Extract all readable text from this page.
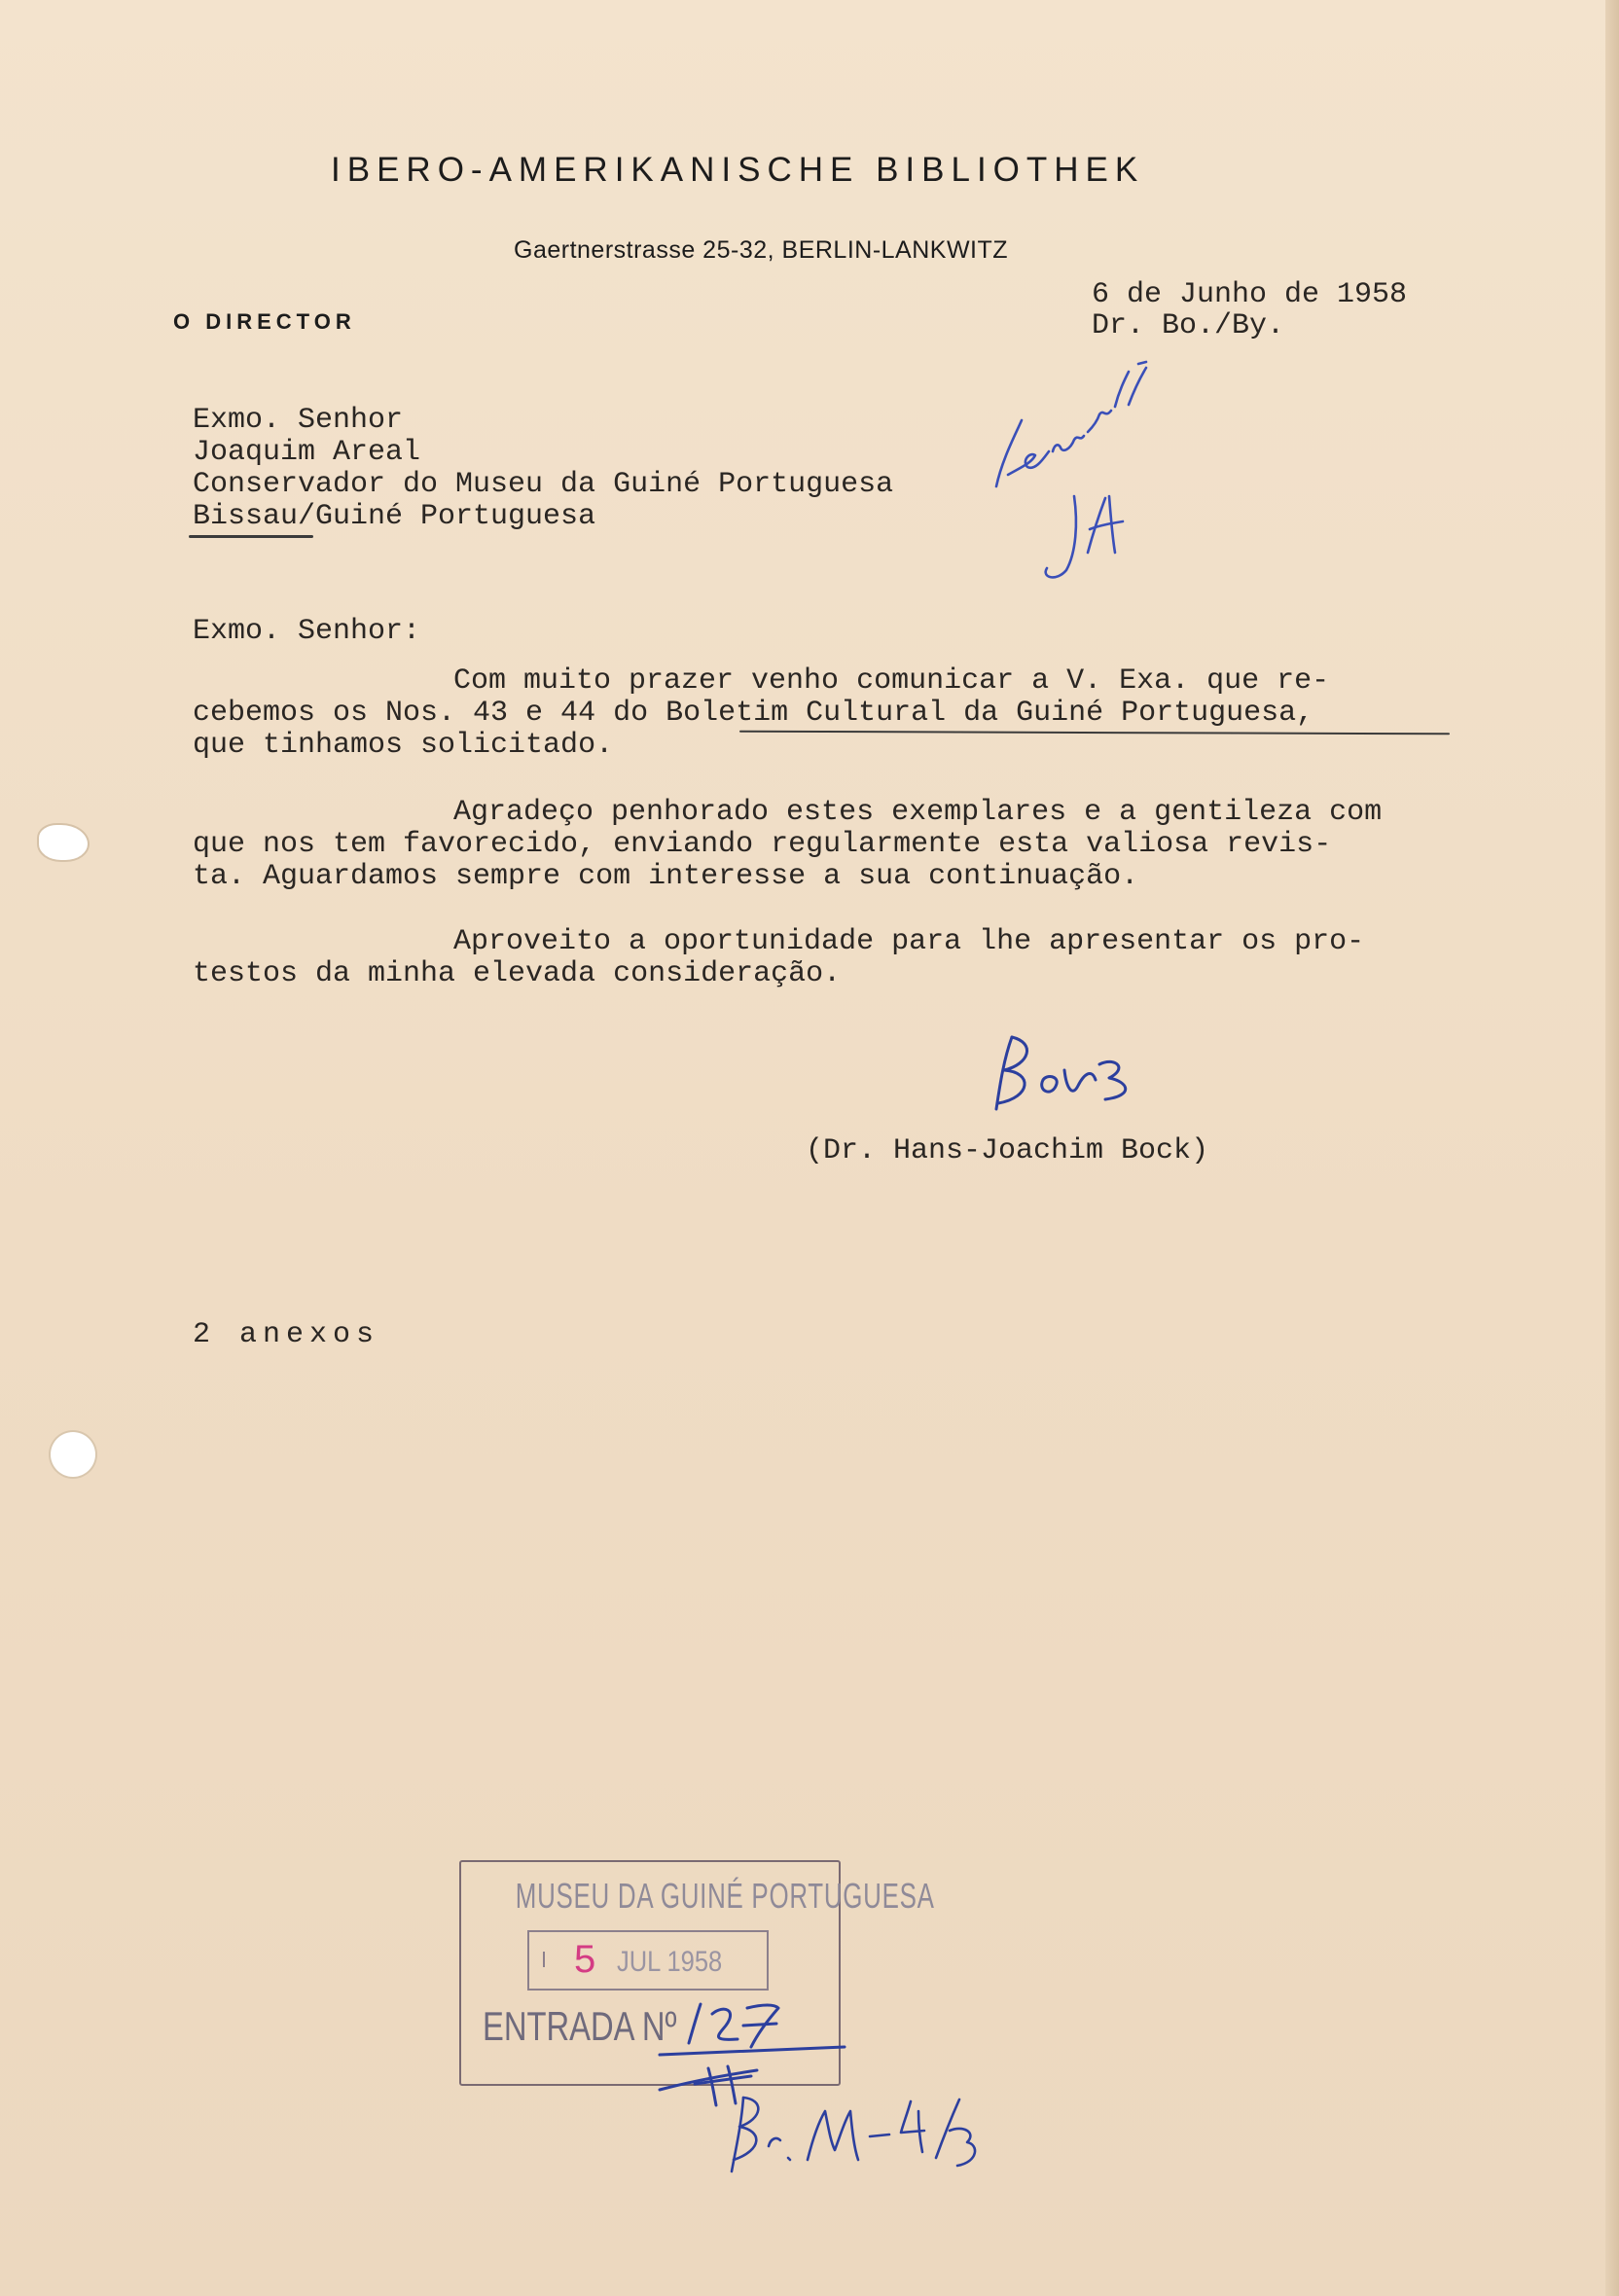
IBERO-AMERIKANISCHE BIBLIOTHEK
Gaertnerstrasse 25-32, BERLIN-LANKWITZ
O DIRECTOR
6 de Junho de 1958
Dr. Bo./By.
Exmo. Senhor
Joaquim Areal
Conservador do Museu da Guiné Portuguesa
Bissau/Guiné Portuguesa
Exmo. Senhor:
Com muito prazer venho comunicar a V. Exa. que re-
cebemos os Nos. 43 e 44 do Boletim Cultural da Guiné Portuguesa,
que tinhamos solicitado.
Agradeço penhorado estes exemplares e a gentileza com
que nos tem favorecido, enviando regularmente esta valiosa revis-
ta. Aguardamos sempre com interesse a sua continuação.
Aproveito a oportunidade para lhe apresentar os pro-
testos da minha elevada consideração.
(Dr. Hans-Joachim Bock)
2 anexos
MUSEU DA GUINÉ PORTUGUESA
5 JUL 1958
ENTRADA Nº
